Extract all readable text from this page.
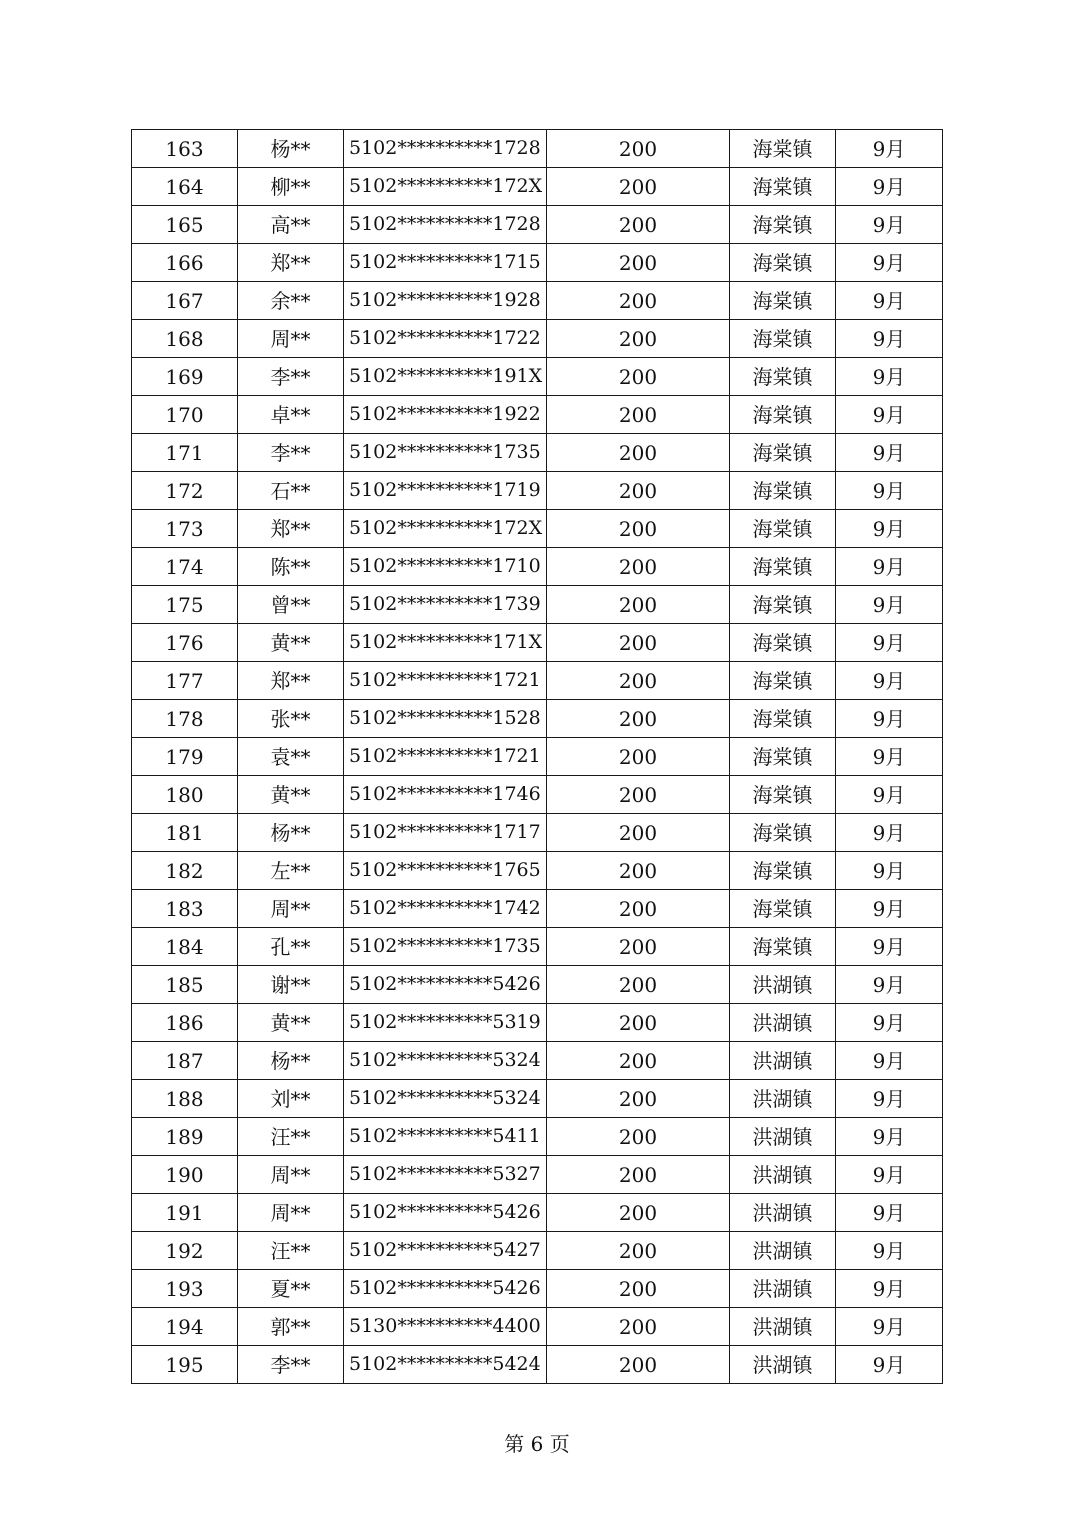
163	杨**	5102**********1728	200	海棠镇	9月
164	柳**	5102**********172X	200	海棠镇	9月
165	高**	5102**********1728	200	海棠镇	9月
166	郑**	5102**********1715	200	海棠镇	9月
167	余**	5102**********1928	200	海棠镇	9月
168	周**	5102**********1722	200	海棠镇	9月
169	李**	5102**********191X	200	海棠镇	9月
170	卓**	5102**********1922	200	海棠镇	9月
171	李**	5102**********1735	200	海棠镇	9月
172	石**	5102**********1719	200	海棠镇	9月
173	郑**	5102**********172X	200	海棠镇	9月
174	陈**	5102**********1710	200	海棠镇	9月
175	曾**	5102**********1739	200	海棠镇	9月
176	黄**	5102**********171X	200	海棠镇	9月
177	郑**	5102**********1721	200	海棠镇	9月
178	张**	5102**********1528	200	海棠镇	9月
179	袁**	5102**********1721	200	海棠镇	9月
180	黄**	5102**********1746	200	海棠镇	9月
181	杨**	5102**********1717	200	海棠镇	9月
182	左**	5102**********1765	200	海棠镇	9月
183	周**	5102**********1742	200	海棠镇	9月
184	孔**	5102**********1735	200	海棠镇	9月
185	谢**	5102**********5426	200	洪湖镇	9月
186	黄**	5102**********5319	200	洪湖镇	9月
187	杨**	5102**********5324	200	洪湖镇	9月
188	刘**	5102**********5324	200	洪湖镇	9月
189	汪**	5102**********5411	200	洪湖镇	9月
190	周**	5102**********5327	200	洪湖镇	9月
191	周**	5102**********5426	200	洪湖镇	9月
192	汪**	5102**********5427	200	洪湖镇	9月
193	夏**	5102**********5426	200	洪湖镇	9月
194	郭**	5130**********4400	200	洪湖镇	9月
195	李**	5102**********5424	200	洪湖镇	9月
第 6 页
